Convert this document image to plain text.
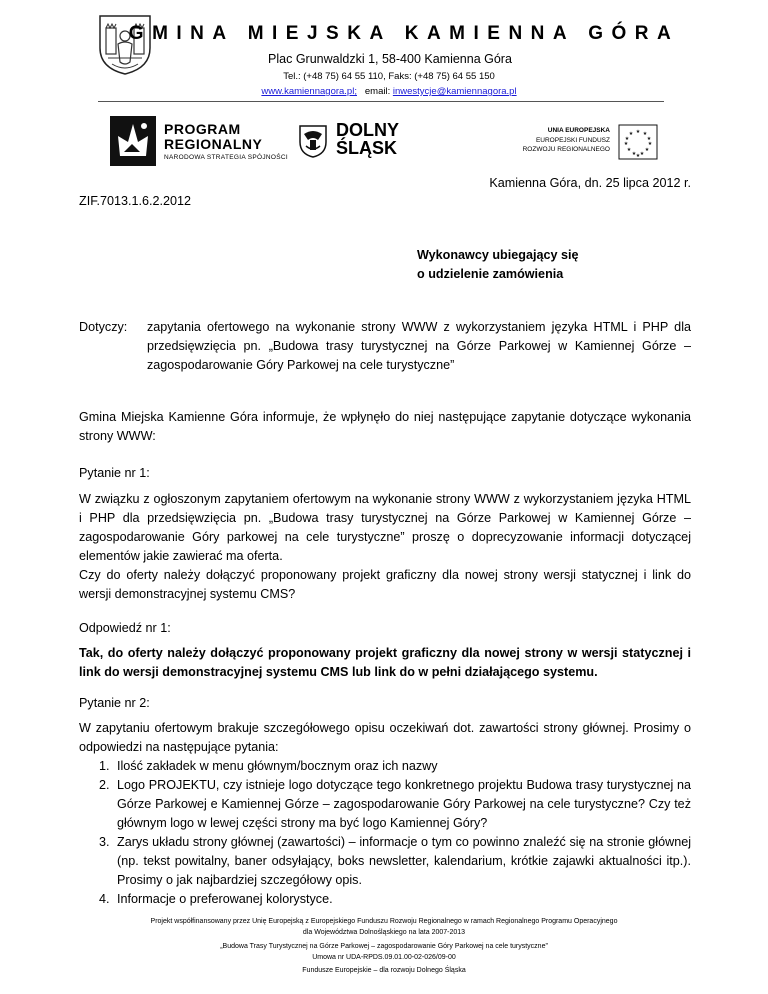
GMINA MIEJSKA KAMIENNA GÓRA
Plac Grunwaldzki 1, 58-400 Kamienna Góra
Tel.: (+48 75) 64 55 110, Faks: (+48 75) 64 55 150
www.kamiennagora.pl; email: inwestycje@kamiennagora.pl
PROGRAM
REGIONALNY
NARODOWA STRATEGIA SPÓJNOŚCI
DOLNY
ŚLĄSK
UNIA EUROPEJSKA
EUROPEJSKI FUNDUSZ
ROZWOJU REGIONALNEGO
★ ★
★
★
★
★
★
★
★
★
★
★
Kamienna Góra, dn. 25 lipca 2012 r.
ZIF.7013.1.6.2.2012
Wykonawcy ubiegający się
o udzielenie zamówienia
Dotyczy:	zapytania ofertowego na wykonanie strony WWW z wykorzystaniem języka HTML i PHP dla przedsięwzięcia pn. „Budowa trasy turystycznej na Górze Parkowej w Kamiennej Górze – zagospodarowanie Góry Parkowej na cele turystyczne”
Gmina Miejska Kamienne Góra informuje, że wpłynęło do niej następujące zapytanie dotyczące wykonania strony WWW:
Pytanie nr 1:
W związku z ogłoszonym zapytaniem ofertowym na wykonanie strony WWW z wykorzystaniem języka HTML i PHP dla przedsięwzięcia pn. „Budowa trasy turystycznej na Górze Parkowej w Kamiennej Górze – zagospodarowanie Góry parkowej na cele turystyczne” proszę o doprecyzowanie informacji dotyczącej elementów jakie zawierać ma oferta.
Czy do oferty należy dołączyć proponowany projekt graficzny dla nowej strony wersji statycznej i link do wersji demonstracyjnej systemu CMS?
Odpowiedź nr 1:
Tak, do oferty należy dołączyć proponowany projekt graficzny dla nowej strony w wersji statycznej i link do wersji demonstracyjnej systemu CMS lub link do w pełni działającego systemu.
Pytanie nr 2:
W zapytaniu ofertowym brakuje szczegółowego opisu oczekiwań dot. zawartości strony głównej. Prosimy o odpowiedzi na następujące pytania:
1. Ilość zakładek w menu głównym/bocznym oraz ich nazwy
2. Logo PROJEKTU, czy istnieje logo dotyczące tego konkretnego projektu Budowa trasy turystycznej na Górze Parkowej e Kamiennej Górze – zagospodarowanie Góry Parkowej na cele turystyczne? Czy też głównym logo w lewej części strony ma być logo Kamiennej Góry?
3. Zarys układu strony głównej (zawartości) – informacje o tym co powinno znaleźć się na stronie głównej (np. tekst powitalny, baner odsyłający, boks newsletter, kalendarium, krótkie zajawki aktualności itp.). Prosimy o jak najbardziej szczegółowy opis.
4. Informacje o preferowanej kolorystyce.
Projekt współfinansowany przez Unię Europejską z Europejskiego Funduszu Rozwoju Regionalnego w ramach Regionalnego Programu Operacyjnego
dla Województwa Dolnośląskiego na lata 2007-2013
„Budowa Trasy Turystycznej na Górze Parkowej – zagospodarowanie Góry Parkowej na cele turystyczne”
Umowa nr UDA-RPDS.09.01.00-02-026/09-00
Fundusze Europejskie – dla rozwoju Dolnego Śląska
